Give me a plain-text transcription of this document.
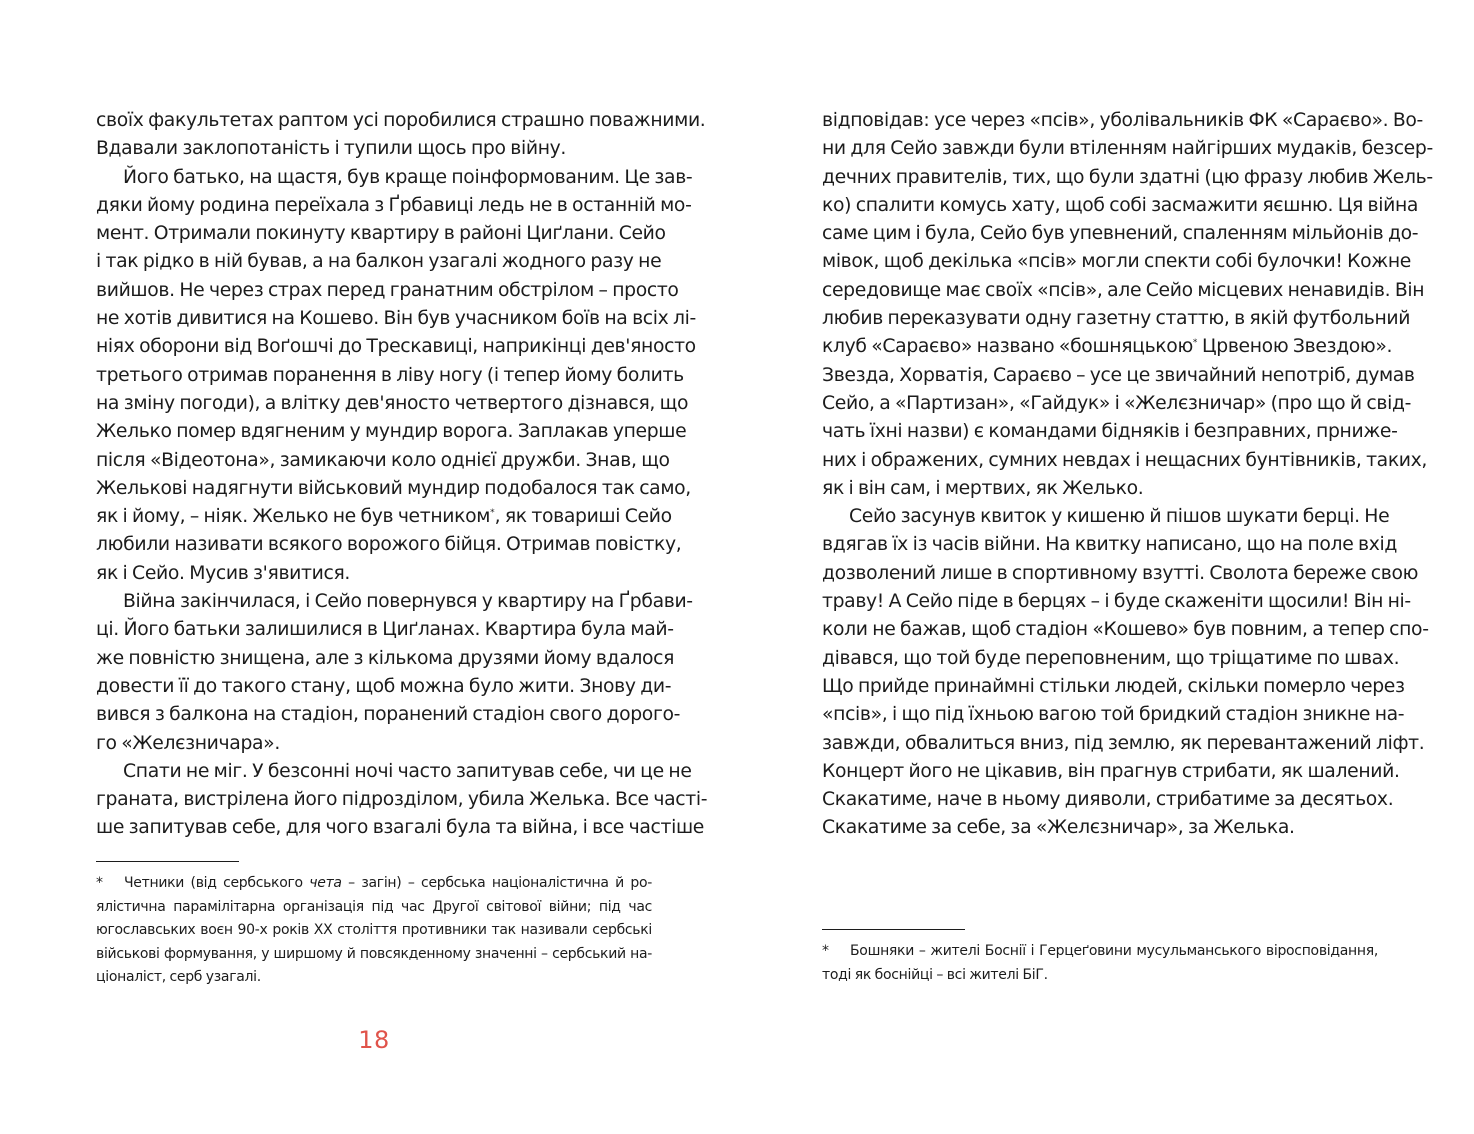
своїх факультетах раптом усі поробилися страшно поважними.
Вдавали заклопотаність і тупили щось про війну.
Його батько, на щастя, був краще поінформованим. Це зав-
дяки йому родина переїхала з Ґрбавиці ледь не в останній мо-
мент. Отримали покинуту квартиру в районі Циґлани. Сейо
і так рідко в ній бував, а на балкон узагалі жодного разу не
вийшов. Не через страх перед гранатним обстрілом – просто
не хотів дивитися на Кошево. Він був учасником боїв на всіх лі-
ніях оборони від Воґошчі до Трескавиці, наприкінці дев'яносто
третього отримав поранення в ліву ногу (і тепер йому болить
на зміну погоди), а влітку дев'яносто четвертого дізнався, що
Желько помер вдягненим у мундир ворога. Заплакав уперше
після «Відеотона», замикаючи коло однієї дружби. Знав, що
Желькові надягнути військовий мундир подобалося так само,
як і йому, – ніяк. Желько не був четником*, як товариші Сейо
любили називати всякого ворожого бійця. Отримав повістку,
як і Сейо. Мусив з'явитися.
Війна закінчилася, і Сейо повернувся у квартиру на Ґрбави-
ці. Його батьки залишилися в Циґланах. Квартира була май-
же повністю знищена, але з кількома друзями йому вдалося
довести її до такого стану, щоб можна було жити. Знову ди-
вився з балкона на стадіон, поранений стадіон свого дорого-
го «Желєзничара».
Спати не міг. У безсонні ночі часто запитував себе, чи це не
граната, вистрілена його підрозділом, убила Желька. Все часті-
ше запитував себе, для чого взагалі була та війна, і все частіше
* Четники (від сербського чета – загін) – сербська націоналістична й ро-
ялістична парамілітарна організація під час Другої світової війни; під час
югославських воєн 90-х років ХХ століття противники так називали сербські
військові формування, у ширшому й повсякденному значенні – сербський на-
ціоналіст, серб узагалі.
18
відповідав: усе через «псів», уболівальників ФК «Сараєво». Во-
ни для Сейо завжди були втіленням найгірших мудаків, безсер-
дечних правителів, тих, що були здатні (цю фразу любив Жель-
ко) спалити комусь хату, щоб собі засмажити яєшню. Ця війна
саме цим і була, Сейо був упевнений, спаленням мільйонів до-
мівок, щоб декілька «псів» могли спекти собі булочки! Кожне
середовище має своїх «псів», але Сейо місцевих ненавидів. Він
любив переказувати одну газетну статтю, в якій футбольний
клуб «Сараєво» названо «бошняцькою* Црвеною Звездою».
Звезда, Хорватія, Сараєво – усе це звичайний непотріб, думав
Сейо, а «Партизан», «Гайдук» і «Желєзничар» (про що й свід-
чать їхні назви) є командами бідняків і безправних, прниже-
них і ображених, сумних невдах і нещасних бунтівників, таких,
як і він сам, і мертвих, як Желько.
Сейо засунув квиток у кишеню й пішов шукати берці. Не
вдягав їх із часів війни. На квитку написано, що на поле вхід
дозволений лише в спортивному взутті. Сволота береже свою
траву! А Сейо піде в берцях – і буде скаженіти щосили! Він ні-
коли не бажав, щоб стадіон «Кошево» був повним, а тепер спо-
дівався, що той буде переповненим, що тріщатиме по швах.
Що прийде принаймні стільки людей, скільки померло через
«псів», і що під їхньою вагою той бридкий стадіон зникне на-
завжди, обвалиться вниз, під землю, як перевантажений ліфт.
Концерт його не цікавив, він прагнув стрибати, як шалений.
Скакатиме, наче в ньому дияволи, стрибатиме за десятьох.
Скакатиме за себе, за «Желєзничар», за Желька.
* Бошняки – жителі Боснії і Герцеґовини мусульманського віросповідання,
тоді як боснійці – всі жителі БіГ.
